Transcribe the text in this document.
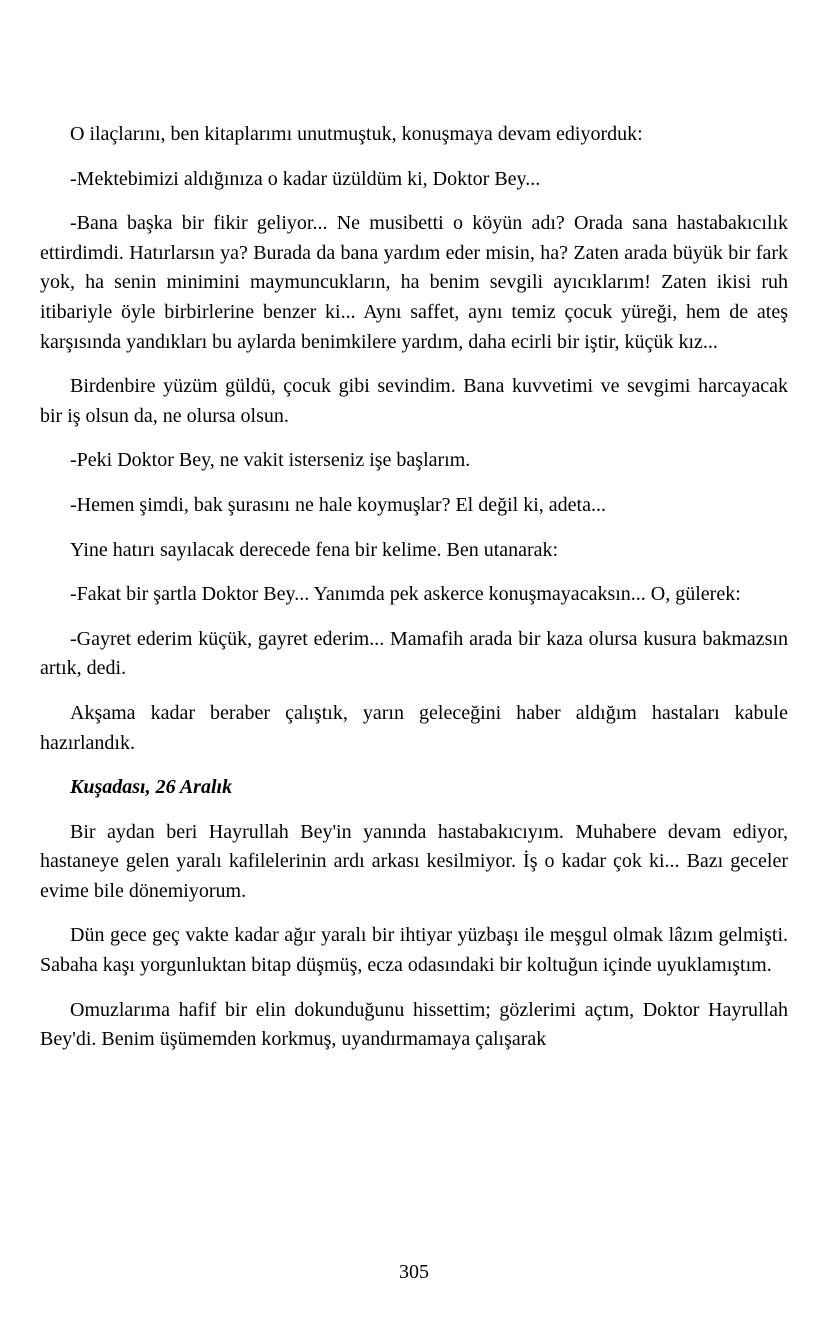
O ilaçlarını, ben kitaplarımı unutmuştuk, konuşmaya devam ediyorduk:

-Mektebimizi aldığınıza o kadar üzüldüm ki, Doktor Bey...

-Bana başka bir fikir geliyor... Ne musibetti o köyün adı? Orada sana hastabakıcılık ettirdimdi. Hatırlarsın ya? Burada da bana yardım eder misin, ha? Zaten arada büyük bir fark yok, ha senin minimini maymuncukların, ha benim sevgili ayıcıklarım! Zaten ikisi ruh itibariyle öyle birbirlerine benzer ki... Aynı saffet, aynı temiz çocuk yüreği, hem de ateş karşısında yandıkları bu aylarda benimkilere yardım, daha ecirli bir iştir, küçük kız...

Birdenbire yüzüm güldü, çocuk gibi sevindim. Bana kuvvetimi ve sevgimi harcayacak bir iş olsun da, ne olursa olsun.

-Peki Doktor Bey, ne vakit isterseniz işe başlarım.

-Hemen şimdi, bak şurasını ne hale koymuşlar? El değil ki, adeta...

Yine hatırı sayılacak derecede fena bir kelime. Ben utanarak:

-Fakat bir şartla Doktor Bey... Yanımda pek askerce konuşmayacaksın... O, gülerek:

-Gayret ederim küçük, gayret ederim... Mamafih arada bir kaza olursa kusura bakmazsın artık, dedi.

Akşama kadar beraber çalıştık, yarın geleceğini haber aldığım hastaları kabule hazırlandık.

Kuşadası, 26 Aralık

Bir aydan beri Hayrullah Bey'in yanında hastabakıcıyım. Muhabere devam ediyor, hastaneye gelen yaralı kafilelerinin ardı arkası kesilmiyor. İş o kadar çok ki... Bazı geceler evime bile dönemiyorum.

Dün gece geç vakte kadar ağır yaralı bir ihtiyar yüzbaşı ile meşgul olmak lâzım gelmişti. Sabaha kaşı yorgunluktan bitap düşmüş, ecza odasındaki bir koltuğun içinde uyuklamıştım.

Omuzlarıma hafif bir elin dokunduğunu hissettim; gözlerimi açtım, Doktor Hayrullah Bey'di. Benim üşümemden korkmuş, uyandırmamaya çalışarak

305
